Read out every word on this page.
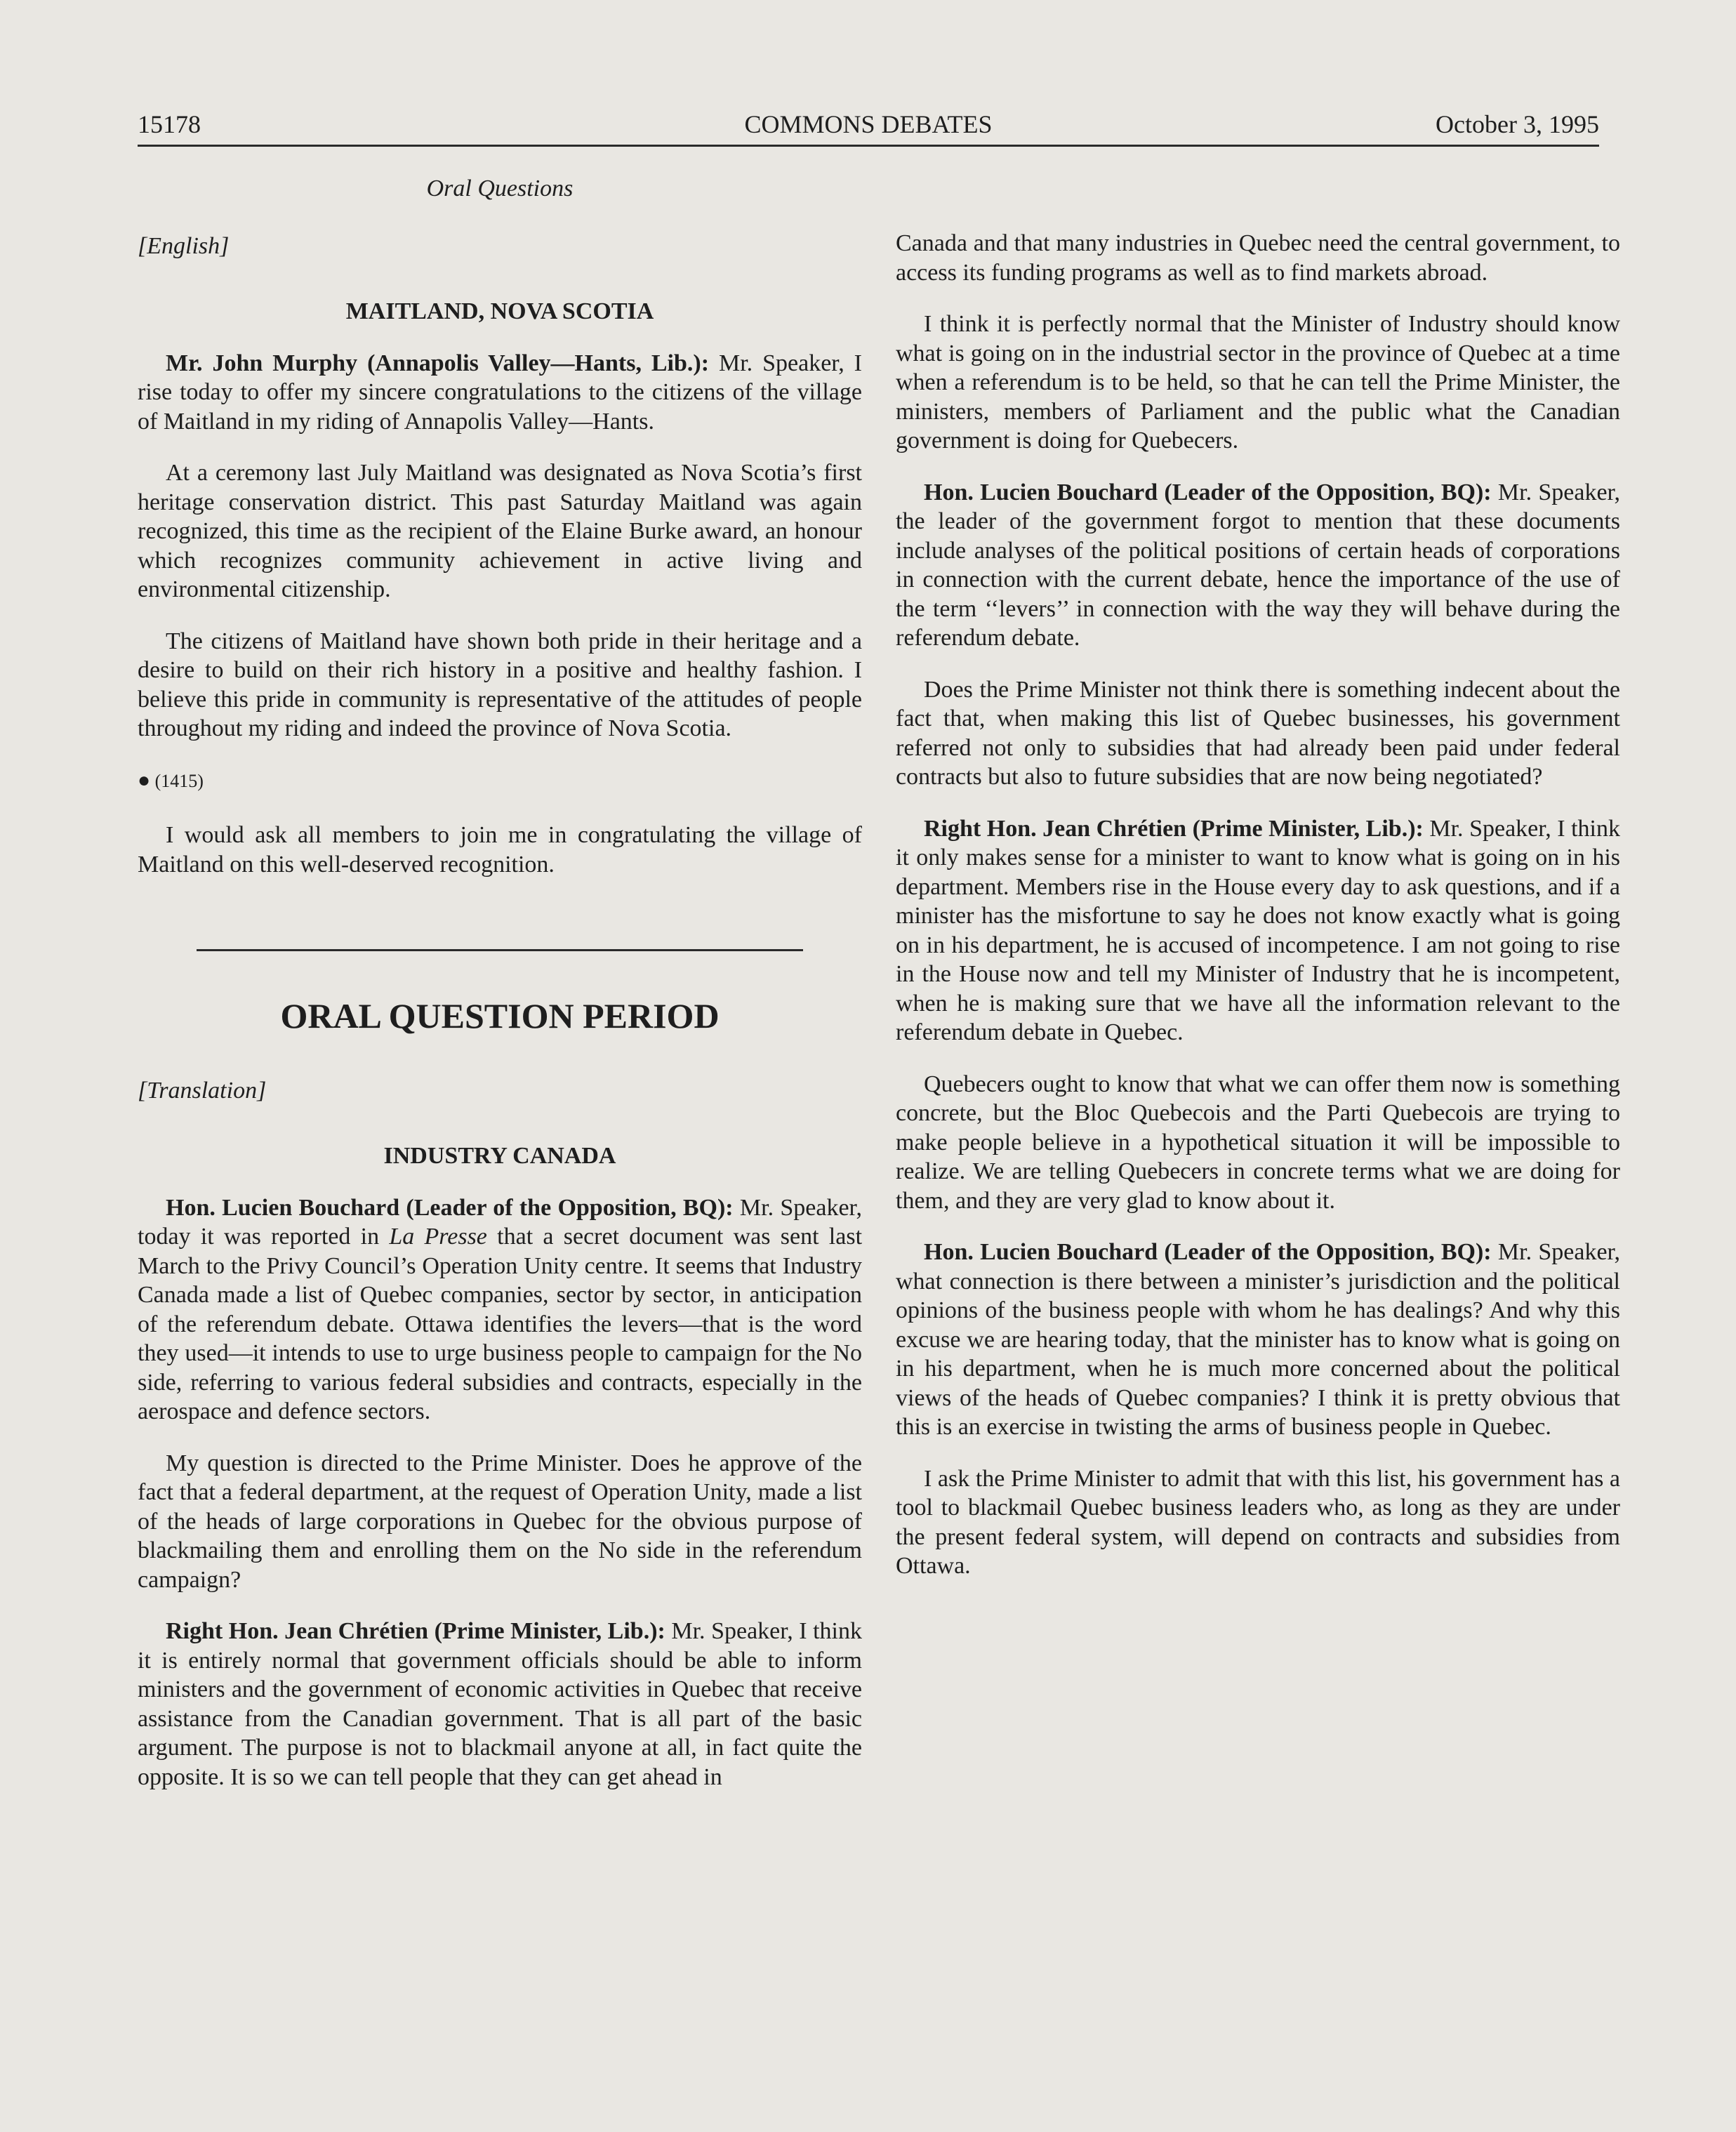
15178	COMMONS DEBATES	October 3, 1995
Oral Questions
[English]
MAITLAND, NOVA SCOTIA

Mr. John Murphy (Annapolis Valley—Hants, Lib.): Mr. Speaker, I rise today to offer my sincere congratulations to the citizens of the village of Maitland in my riding of Annapolis Valley—Hants.

At a ceremony last July Maitland was designated as Nova Scotia’s first heritage conservation district. This past Saturday Maitland was again recognized, this time as the recipient of the Elaine Burke award, an honour which recognizes community achievement in active living and environmental citizenship.

The citizens of Maitland have shown both pride in their heritage and a desire to build on their rich history in a positive and healthy fashion. I believe this pride in community is representative of the attitudes of people throughout my riding and indeed the province of Nova Scotia.

● (1415)

I would ask all members to join me in congratulating the village of Maitland on this well-deserved recognition.

ORAL QUESTION PERIOD
[Translation]
INDUSTRY CANADA

Hon. Lucien Bouchard (Leader of the Opposition, BQ): Mr. Speaker, today it was reported in La Presse that a secret document was sent last March to the Privy Council’s Operation Unity centre. It seems that Industry Canada made a list of Quebec companies, sector by sector, in anticipation of the referendum debate. Ottawa identifies the levers—that is the word they used—it intends to use to urge business people to campaign for the No side, referring to various federal subsidies and contracts, especially in the aerospace and defence sectors.

My question is directed to the Prime Minister. Does he approve of the fact that a federal department, at the request of Operation Unity, made a list of the heads of large corporations in Quebec for the obvious purpose of blackmailing them and enrolling them on the No side in the referendum campaign?

Right Hon. Jean Chrétien (Prime Minister, Lib.): Mr. Speaker, I think it is entirely normal that government officials should be able to inform ministers and the government of economic activities in Quebec that receive assistance from the Canadian government. That is all part of the basic argument. The purpose is not to blackmail anyone at all, in fact quite the opposite. It is so we can tell people that they can get ahead in

Canada and that many industries in Quebec need the central government, to access its funding programs as well as to find markets abroad.

I think it is perfectly normal that the Minister of Industry should know what is going on in the industrial sector in the province of Quebec at a time when a referendum is to be held, so that he can tell the Prime Minister, the ministers, members of Parliament and the public what the Canadian government is doing for Quebecers.

Hon. Lucien Bouchard (Leader of the Opposition, BQ): Mr. Speaker, the leader of the government forgot to mention that these documents include analyses of the political positions of certain heads of corporations in connection with the current debate, hence the importance of the use of the term ‘‘levers’’ in connection with the way they will behave during the referendum debate.

Does the Prime Minister not think there is something indecent about the fact that, when making this list of Quebec businesses, his government referred not only to subsidies that had already been paid under federal contracts but also to future subsidies that are now being negotiated?

Right Hon. Jean Chrétien (Prime Minister, Lib.): Mr. Speaker, I think it only makes sense for a minister to want to know what is going on in his department. Members rise in the House every day to ask questions, and if a minister has the misfortune to say he does not know exactly what is going on in his department, he is accused of incompetence. I am not going to rise in the House now and tell my Minister of Industry that he is incompetent, when he is making sure that we have all the information relevant to the referendum debate in Quebec.

Quebecers ought to know that what we can offer them now is something concrete, but the Bloc Quebecois and the Parti Quebecois are trying to make people believe in a hypothetical situation it will be impossible to realize. We are telling Quebecers in concrete terms what we are doing for them, and they are very glad to know about it.

Hon. Lucien Bouchard (Leader of the Opposition, BQ): Mr. Speaker, what connection is there between a minister’s jurisdiction and the political opinions of the business people with whom he has dealings? And why this excuse we are hearing today, that the minister has to know what is going on in his department, when he is much more concerned about the political views of the heads of Quebec companies? I think it is pretty obvious that this is an exercise in twisting the arms of business people in Quebec.

I ask the Prime Minister to admit that with this list, his government has a tool to blackmail Quebec business leaders who, as long as they are under the present federal system, will depend on contracts and subsidies from Ottawa.
